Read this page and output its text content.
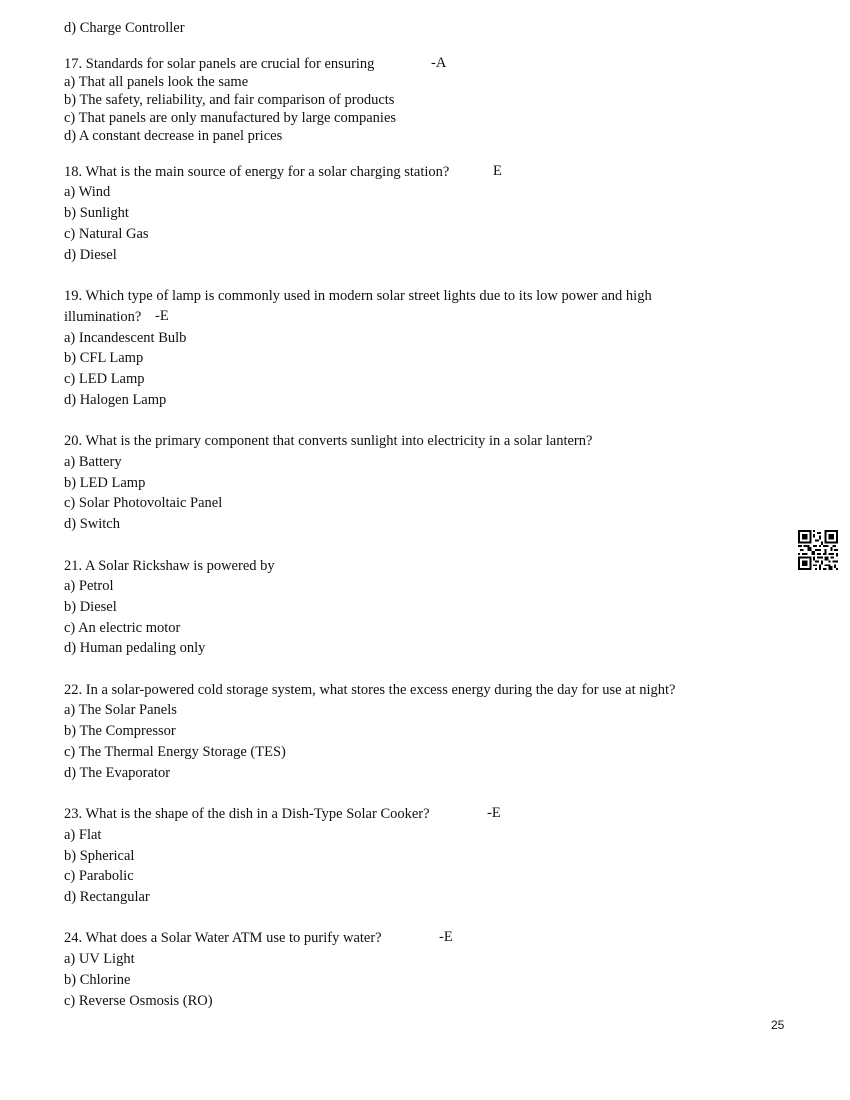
d) Charge Controller
17. Standards for solar panels are crucial for ensuring	-A
a) That all panels look the same
b) The safety, reliability, and fair comparison of products
c) That panels are only manufactured by large companies
d) A constant decrease in panel prices
18. What is the main source of energy for a solar charging station?	E
a) Wind
b) Sunlight
c) Natural Gas
d) Diesel
19. Which type of lamp is commonly used in modern solar street lights due to its low power and high
illumination? -E
a) Incandescent Bulb
b) CFL Lamp
c) LED Lamp
d) Halogen Lamp
20. What is the primary component that converts sunlight into electricity in a solar lantern?
a) Battery
b) LED Lamp
c) Solar Photovoltaic Panel
d) Switch
21. A Solar Rickshaw is powered by
a) Petrol
b) Diesel
c) An electric motor
d) Human pedaling only
22. In a solar-powered cold storage system, what stores the excess energy during the day for use at night?
a) The Solar Panels
b) The Compressor
c) The Thermal Energy Storage (TES)
d) The Evaporator
23. What is the shape of the dish in a Dish-Type Solar Cooker?	-E
a) Flat
b) Spherical
c) Parabolic
d) Rectangular
24. What does a Solar Water ATM use to purify water?	-E
a) UV Light
b) Chlorine
c) Reverse Osmosis (RO)
25
